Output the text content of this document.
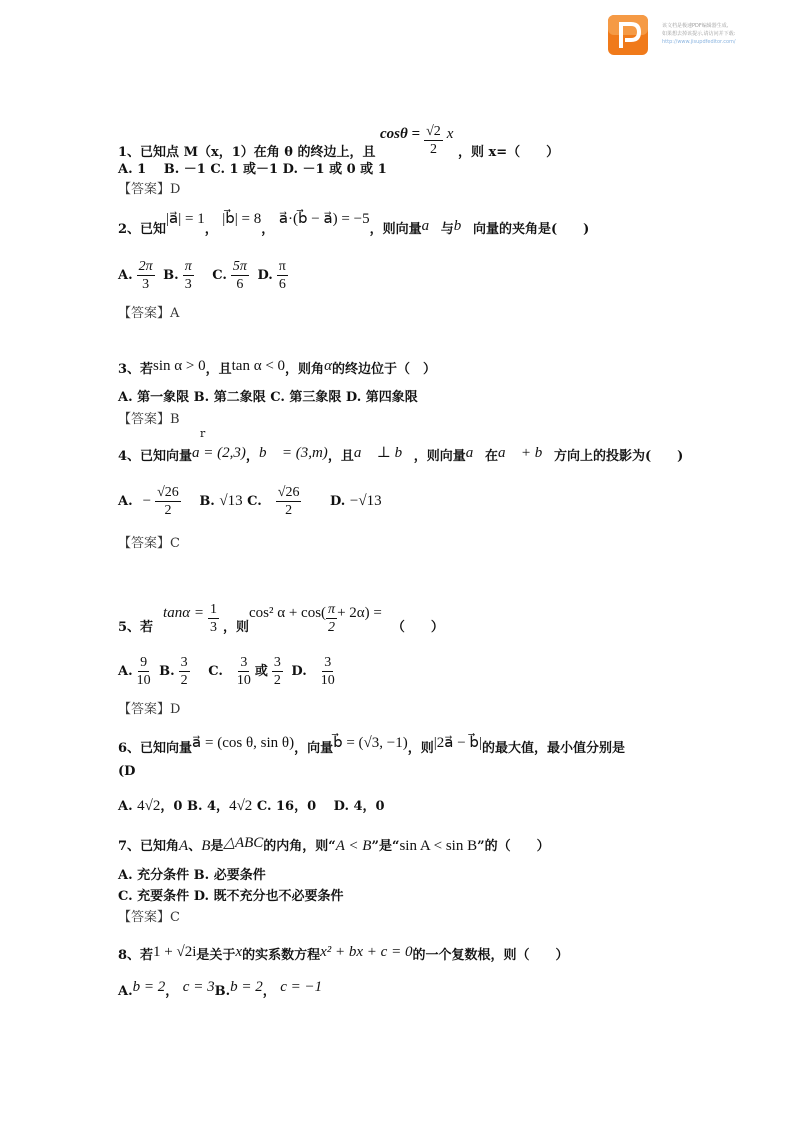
该文档是极速PDF编辑器生成,
如果想去掉该提示,请访问并下载:
http://www.jisupdfeditor.com/
1、已知点 M（x，1）在角 θ 的终边上，且 $\cos\theta = \frac{√2}{2}$ x ，则 x=（　　）
A. 1　 B. －1 C. 1 或－1 D. －1 或 0 或 1
【答案】D
2、已知|a⃗| = 1， |b⃗| = 8， a⃗·(b⃗ − a⃗) = −5，则向量a⃗与b⃗向量的夹角是(　　)
A. $\frac{2\pi}{3} B$. $\frac{\pi}{3} C$. $\frac{5\pi}{6} D$. $\frac{\pi}{6}$
【答案】A
3、若sin α > 0，且tan α < 0，则角α的终边位于（　）
A. 第一象限 B. 第二象限 C. 第三象限 D. 第四象限
【答案】B
r
4、已知向量a = (2,3)，b⃗ = (3,m)，且a⃗ ⊥ b⃗，则向量a⃗在a⃗ + b⃗方向上的投影为(　　)
A. − $\frac{√26}{2} B$. √13 C. $\frac{√26}{2} D$. −√13
【答案】C
5、若$\tan\alpha = \frac{1}{3}$ ，则cos² $\alpha + \cos( \frac{\pi}{2} + 2\alpha)$ =（　　）
A. $\frac{9}{10} B$. $\frac{3}{2} C$. $\frac{3}{10}$ 或 $\frac{3}{2} D$. $\frac{3}{10}$
【答案】D
6、已知向量a⃗ = (cos θ, sin θ)，向量b⃗ = (√3, −1)，则|2a⃗ − b⃗|的最大值，最小值分别是
(D
A. 4√2，0 B. 4，4√2 C. 16，0　 D. 4，0
7、已知角A、B是△ABC的内角，则“A < B”是“sin A < sin B”的（　　）
A. 充分条件 B. 必要条件
C. 充要条件 D. 既不充分也不必要条件
【答案】C
8、若1 + √2i是关于x的实系数方程x² + bx + c = 0的一个复数根，则（　　）
A.b = 2， c = 3B.b = 2， c = −1
